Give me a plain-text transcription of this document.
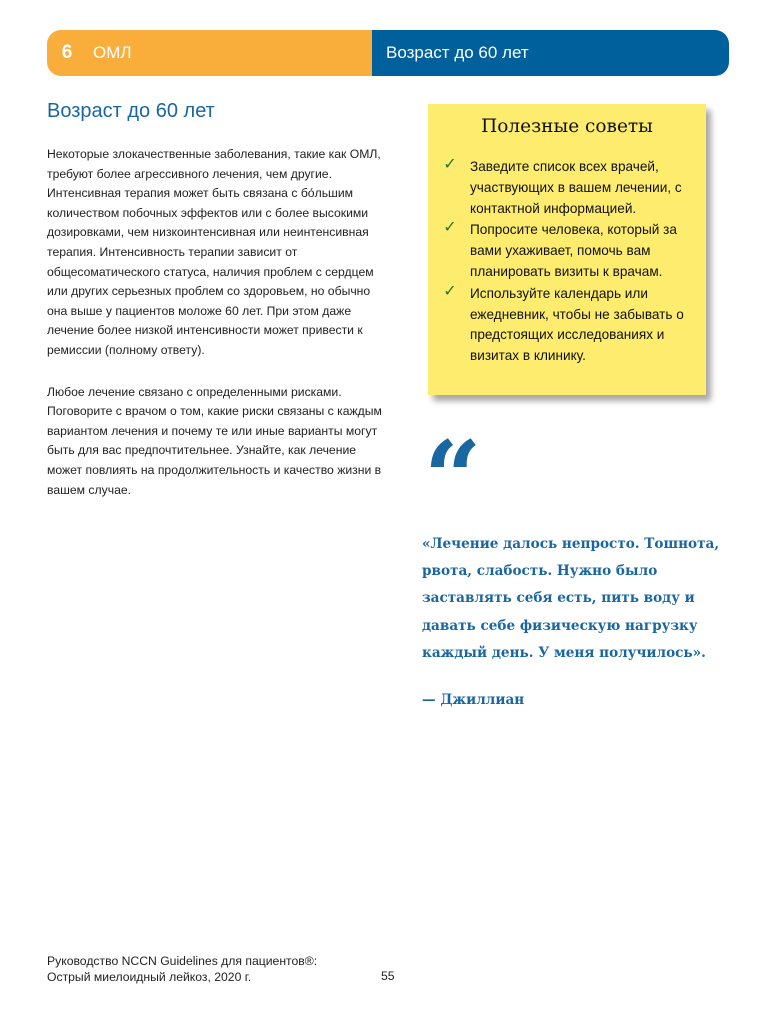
6	ОМЛ	Возраст до 60 лет
Возраст до 60 лет

Некоторые злокачественные заболевания, такие как ОМЛ, требуют более агрессивного лечения, чем другие. Интенсивная терапия может быть связана с бо́льшим количеством побочных эффектов или с более высокими дозировками, чем низкоинтенсивная или неинтенсивная терапия. Интенсивность терапии зависит от общесоматического статуса, наличия проблем с сердцем или других серьезных проблем со здоровьем, но обычно она выше у пациентов моложе 60 лет. При этом даже лечение более низкой интенсивности может привести к ремиссии (полному ответу).

Любое лечение связано с определенными рисками. Поговорите с врачом о том, какие риски связаны с каждым вариантом лечения и почему те или иные варианты могут быть для вас предпочтительнее. Узнайте, как лечение может повлиять на продолжительность и качество жизни в вашем случае.

Полезные советы
✓ Заведите список всех врачей, участвующих в вашем лечении, с контактной информацией.
✓ Попросите человека, который за вами ухаживает, помочь вам планировать визиты к врачам.
✓ Используйте календарь или ежедневник, чтобы не забывать о предстоящих исследованиях и визитах в клинику.
“

«Лечение далось непросто. Тошнота, рвота, слабость. Нужно было заставлять себя есть, пить воду и давать себе физическую нагрузку каждый день. У меня получилось».

— Джиллиан
Руководство NCCN Guidelines для пациентов®:
Острый миелоидный лейкоз, 2020 г.	55
